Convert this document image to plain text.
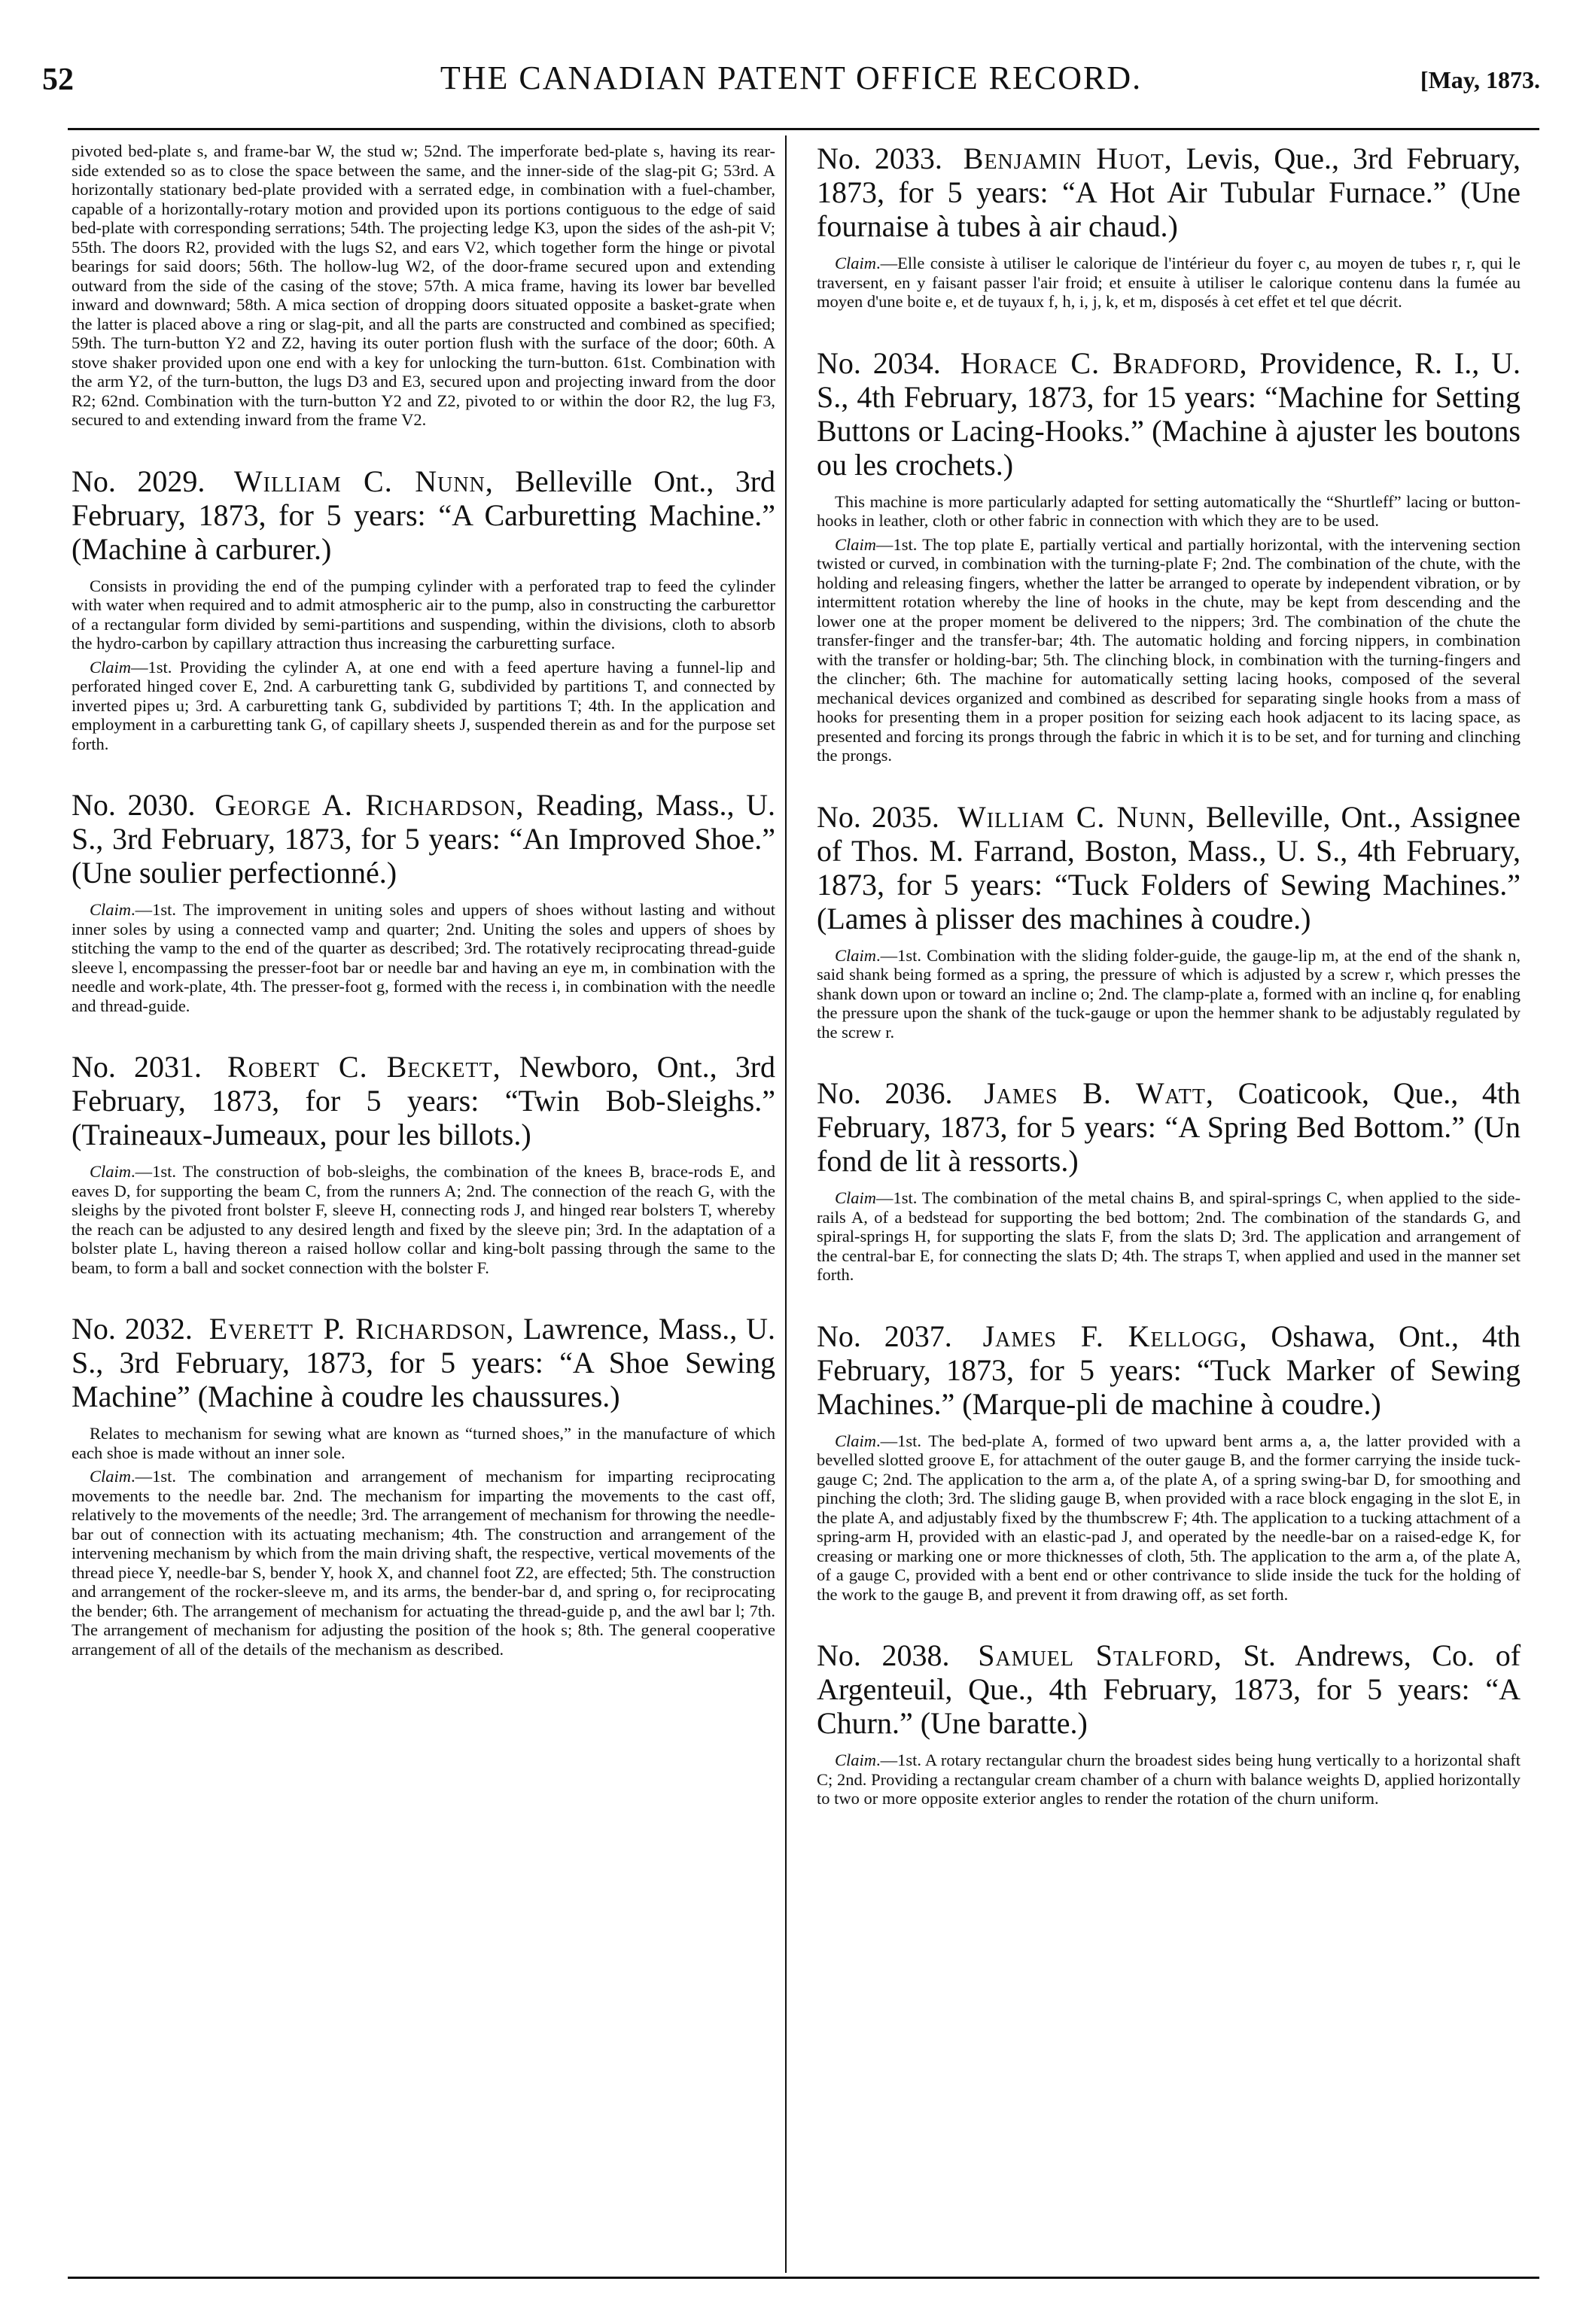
52	THE CANADIAN PATENT OFFICE RECORD.	[May, 1873.

pivoted bed-plate s, and frame-bar W, the stud w; 52nd. The imperforate bed-plate s, having its rear-side extended so as to close the space between the same, and the inner-side of the slag-pit G; 53rd. A horizontally stationary bed-plate provided with a serrated edge, in combination with a fuel-chamber, capable of a horizontally-rotary motion and provided upon its portions contiguous to the edge of said bed-plate with corresponding serrations; 54th. The projecting ledge K3, upon the sides of the ash-pit V; 55th. The doors R2, provided with the lugs S2, and ears V2, which together form the hinge or pivotal bearings for said doors; 56th. The hollow-lug W2, of the door-frame secured upon and extending outward from the side of the casing of the stove; 57th. A mica frame, having its lower bar bevelled inward and downward; 58th. A mica section of dropping doors situated opposite a basket-grate when the latter is placed above a ring or slag-pit, and all the parts are constructed and combined as specified; 59th. The turn-button Y2 and Z2, having its outer portion flush with the surface of the door; 60th. A stove shaker provided upon one end with a key for unlocking the turn-button. 61st. Combination with the arm Y2, of the turn-button, the lugs D3 and E3, secured upon and projecting inward from the door R2; 62nd. Combination with the turn-button Y2 and Z2, pivoted to or within the door R2, the lug F3, secured to and extending inward from the frame V2.

No. 2029. William C. Nunn, Belleville Ont., 3rd February, 1873, for 5 years: “A Carburetting Machine.” (Machine à carburer.)

Consists in providing the end of the pumping cylinder with a perforated trap to feed the cylinder with water when required and to admit atmospheric air to the pump, also in constructing the carburettor of a rectangular form divided by semi-partitions and suspending, within the divisions, cloth to absorb the hydro-carbon by capillary attraction thus increasing the carburetting surface.

Claim—1st. Providing the cylinder A, at one end with a feed aperture having a funnel-lip and perforated hinged cover E, 2nd. A carburetting tank G, subdivided by partitions T, and connected by inverted pipes u; 3rd. A carburetting tank G, subdivided by partitions T; 4th. In the application and employment in a carburetting tank G, of capillary sheets J, suspended therein as and for the purpose set forth.

No. 2030. George A. Richardson, Reading, Mass., U. S., 3rd February, 1873, for 5 years: “An Improved Shoe.” (Une soulier perfectionné.)

Claim.—1st. The improvement in uniting soles and uppers of shoes without lasting and without inner soles by using a connected vamp and quarter; 2nd. Uniting the soles and uppers of shoes by stitching the vamp to the end of the quarter as described; 3rd. The rotatively reciprocating thread-guide sleeve l, encompassing the presser-foot bar or needle bar and having an eye m, in combination with the needle and work-plate, 4th. The presser-foot g, formed with the recess i, in combination with the needle and thread-guide.

No. 2031. Robert C. Beckett, Newboro, Ont., 3rd February, 1873, for 5 years: “Twin Bob-Sleighs.” (Traineaux-Jumeaux, pour les billots.)

Claim.—1st. The construction of bob-sleighs, the combination of the knees B, brace-rods E, and eaves D, for supporting the beam C, from the runners A; 2nd. The connection of the reach G, with the sleighs by the pivoted front bolster F, sleeve H, connecting rods J, and hinged rear bolsters T, whereby the reach can be adjusted to any desired length and fixed by the sleeve pin; 3rd. In the adaptation of a bolster plate L, having thereon a raised hollow collar and king-bolt passing through the same to the beam, to form a ball and socket connection with the bolster F.

No. 2032. Everett P. Richardson, Lawrence, Mass., U. S., 3rd February, 1873, for 5 years: “A Shoe Sewing Machine” (Machine à coudre les chaussures.)

Relates to mechanism for sewing what are known as “turned shoes,” in the manufacture of which each shoe is made without an inner sole.

Claim.—1st. The combination and arrangement of mechanism for imparting reciprocating movements to the needle bar. 2nd. The mechanism for imparting the movements to the cast off, relatively to the movements of the needle; 3rd. The arrangement of mechanism for throwing the needle-bar out of connection with its actuating mechanism; 4th. The construction and arrangement of the intervening mechanism by which from the main driving shaft, the respective, vertical movements of the thread piece Y, needle-bar S, bender Y, hook X, and channel foot Z2, are effected; 5th. The construction and arrangement of the rocker-sleeve m, and its arms, the bender-bar d, and spring o, for reciprocating the bender; 6th. The arrangement of mechanism for actuating the thread-guide p, and the awl bar l; 7th. The arrangement of mechanism for adjusting the position of the hook s; 8th. The general cooperative arrangement of all of the details of the mechanism as described.

No. 2033. Benjamin Huot, Levis, Que., 3rd February, 1873, for 5 years: “A Hot Air Tubular Furnace.” (Une fournaise à tubes à air chaud.)

Claim.—Elle consiste à utiliser le calorique de l'intérieur du foyer c, au moyen de tubes r, r, qui le traversent, en y faisant passer l'air froid; et ensuite à utiliser le calorique contenu dans la fumée au moyen d'une boite e, et de tuyaux f, h, i, j, k, et m, disposés à cet effet et tel que décrit.

No. 2034. Horace C. Bradford, Providence, R. I., U. S., 4th February, 1873, for 15 years: “Machine for Setting Buttons or Lacing-Hooks.” (Machine à ajuster les boutons ou les crochets.)

This machine is more particularly adapted for setting automatically the “Shurtleff” lacing or button-hooks in leather, cloth or other fabric in connection with which they are to be used.

Claim—1st. The top plate E, partially vertical and partially horizontal, with the intervening section twisted or curved, in combination with the turning-plate F; 2nd. The combination of the chute, with the holding and releasing fingers, whether the latter be arranged to operate by independent vibration, or by intermittent rotation whereby the line of hooks in the chute, may be kept from descending and the lower one at the proper moment be delivered to the nippers; 3rd. The combination of the chute the transfer-finger and the transfer-bar; 4th. The automatic holding and forcing nippers, in combination with the transfer or holding-bar; 5th. The clinching block, in combination with the turning-fingers and the clincher; 6th. The machine for automatically setting lacing hooks, composed of the several mechanical devices organized and combined as described for separating single hooks from a mass of hooks for presenting them in a proper position for seizing each hook adjacent to its lacing space, as presented and forcing its prongs through the fabric in which it is to be set, and for turning and clinching the prongs.

No. 2035. William C. Nunn, Belleville, Ont., Assignee of Thos. M. Farrand, Boston, Mass., U. S., 4th February, 1873, for 5 years: “Tuck Folders of Sewing Machines.” (Lames à plisser des machines à coudre.)

Claim.—1st. Combination with the sliding folder-guide, the gauge-lip m, at the end of the shank n, said shank being formed as a spring, the pressure of which is adjusted by a screw r, which presses the shank down upon or toward an incline o; 2nd. The clamp-plate a, formed with an incline q, for enabling the pressure upon the shank of the tuck-gauge or upon the hemmer shank to be adjustably regulated by the screw r.

No. 2036. James B. Watt, Coaticook, Que., 4th February, 1873, for 5 years: “A Spring Bed Bottom.” (Un fond de lit à ressorts.)

Claim—1st. The combination of the metal chains B, and spiral-springs C, when applied to the side-rails A, of a bedstead for supporting the bed bottom; 2nd. The combination of the standards G, and spiral-springs H, for supporting the slats F, from the slats D; 3rd. The application and arrangement of the central-bar E, for connecting the slats D; 4th. The straps T, when applied and used in the manner set forth.

No. 2037. James F. Kellogg, Oshawa, Ont., 4th February, 1873, for 5 years: “Tuck Marker of Sewing Machines.” (Marque-pli de machine à coudre.)

Claim.—1st. The bed-plate A, formed of two upward bent arms a, a, the latter provided with a bevelled slotted groove E, for attachment of the outer gauge B, and the former carrying the inside tuck-gauge C; 2nd. The application to the arm a, of the plate A, of a spring swing-bar D, for smoothing and pinching the cloth; 3rd. The sliding gauge B, when provided with a race block engaging in the slot E, in the plate A, and adjustably fixed by the thumbscrew F; 4th. The application to a tucking attachment of a spring-arm H, provided with an elastic-pad J, and operated by the needle-bar on a raised-edge K, for creasing or marking one or more thicknesses of cloth, 5th. The application to the arm a, of the plate A, of a gauge C, provided with a bent end or other contrivance to slide inside the tuck for the holding of the work to the gauge B, and prevent it from drawing off, as set forth.

No. 2038. Samuel Stalford, St. Andrews, Co. of Argenteuil, Que., 4th February, 1873, for 5 years: “A Churn.” (Une baratte.)

Claim.—1st. A rotary rectangular churn the broadest sides being hung vertically to a horizontal shaft C; 2nd. Providing a rectangular cream chamber of a churn with balance weights D, applied horizontally to two or more opposite exterior angles to render the rotation of the churn uniform.
